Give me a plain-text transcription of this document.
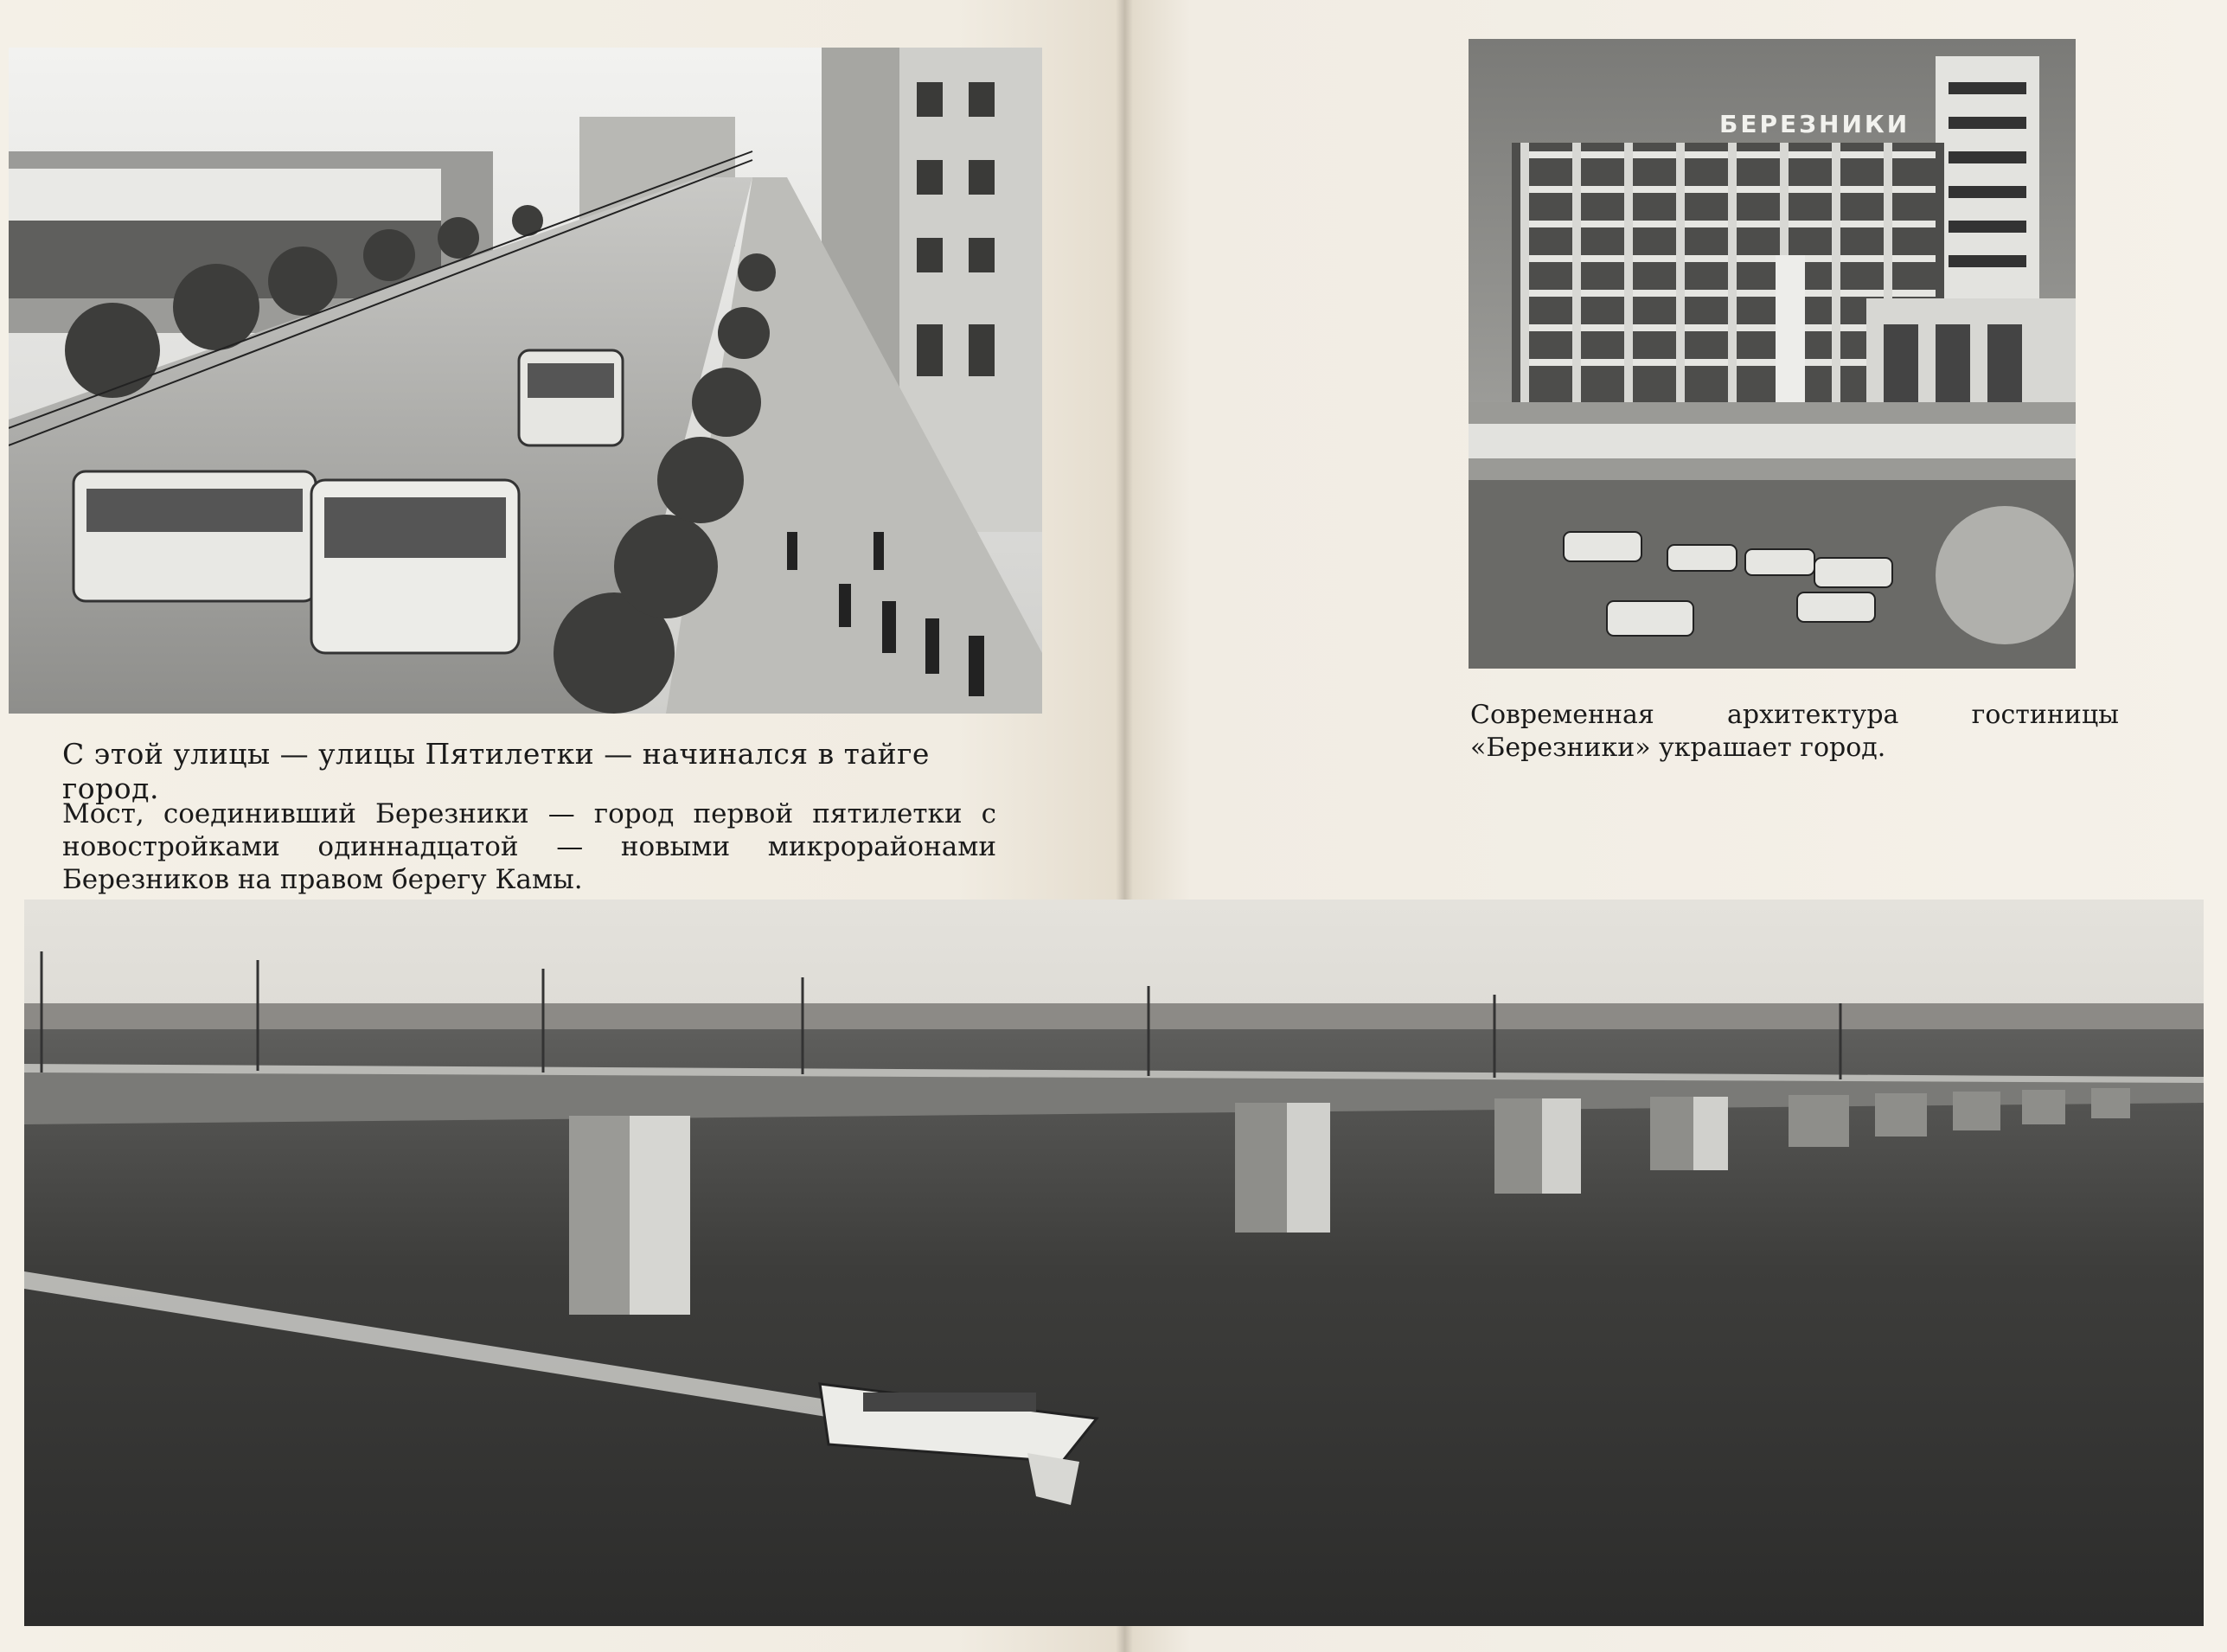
БЕРЕЗНИКИ

С этой улицы — улицы Пятилетки — начинался в тайге город.

Мост, соединивший Березники — город первой пятилетки с новостройками одиннадцатой — новыми микрорайонами Березников на правом берегу Камы.

Современная архитектура гостиницы «Березники» украшает город.
